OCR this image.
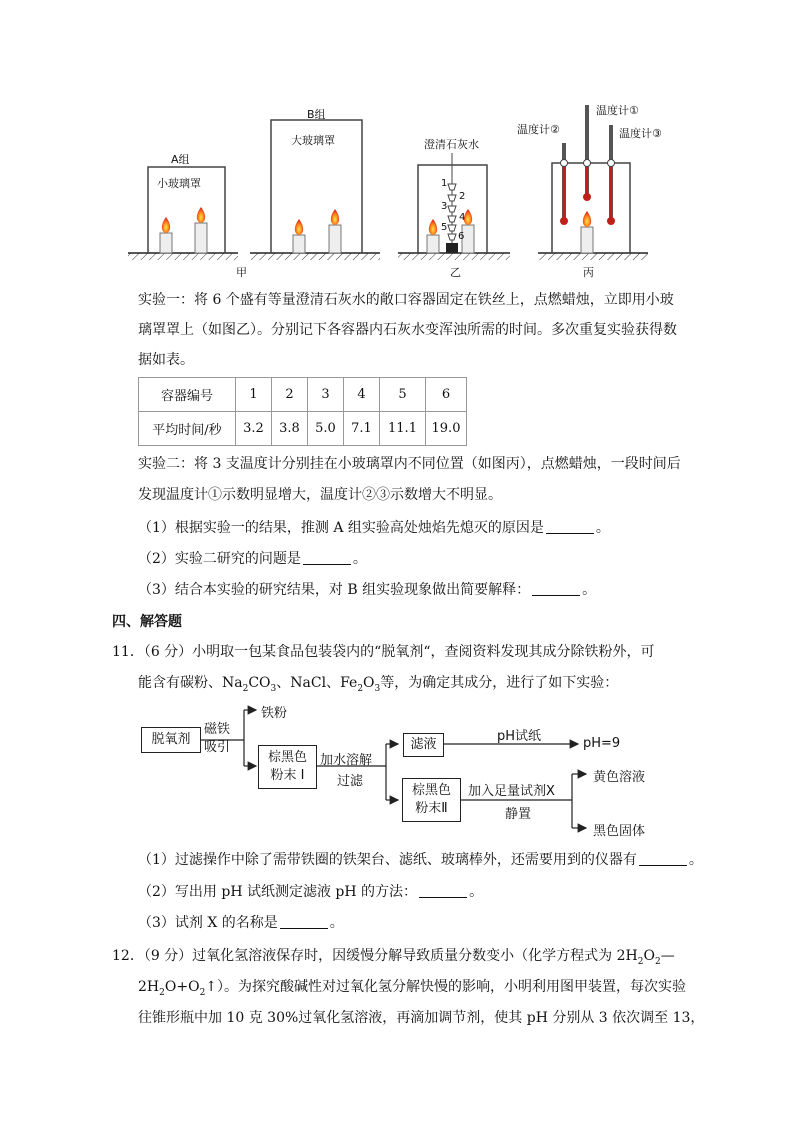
A组
小玻璃罩
B组
大玻璃罩
甲
澄清石灰水
1
2
3
4
5
6
乙
温度计①
温度计②	温度计③
丙
实验一：将 6 个盛有等量澄清石灰水的敞口容器固定在铁丝上，点燃蜡烛，立即用小玻
璃罩罩上（如图乙）。分别记下各容器内石灰水变浑浊所需的时间。多次重复实验获得数
据如表。
容器编号	1	2	3	4	5	6
平均时间/秒	3.2	3.8	5.0	7.1	11.1	19.0
实验二：将 3 支温度计分别挂在小玻璃罩内不同位置（如图丙），点燃蜡烛，一段时间后
发现温度计①示数明显增大，温度计②③示数增大不明显。
（1）根据实验一的结果，推测 A 组实验高处烛焰先熄灭的原因是	。
（2）实验二研究的问题是	。
（3）结合本实验的研究结果，对 B 组实验现象做出简要解释：	。
四、解答题
11．（6 分）小明取一包某食品包装袋内的“脱氧剂“，查阅资料发现其成分除铁粉外，可
能含有碳粉、$Na_2CO_3$、NaCl、$Fe_2O_3$等，为确定其成分，进行了如下实验：
脱氧剂
磁铁
吸引
铁粉
棕黑色
粉末 I
加水溶解
过滤
滤液
pH试纸	pH=9
棕黑色
粉末Ⅱ
加入足量试剂X
静置
黄色溶液
黑色固体
（1）过滤操作中除了需带铁圈的铁架台、滤纸、玻璃棒外，还需要用到的仪器有	。
（2）写出用 pH 试纸测定滤液 pH 的方法：	。
（3）试剂 X 的名称是	。
12．（9 分）过氧化氢溶液保存时，因缓慢分解导致质量分数变小（化学方程式为 $2H_2O_2—$
$2H_2O+O_2↑$）。为探究酸碱性对过氧化氢分解快慢的影响，小明利用图甲装置，每次实验
往锥形瓶中加 10 克 30%过氧化氢溶液，再滴加调节剂，使其 pH 分别从 3 依次调至 13，
